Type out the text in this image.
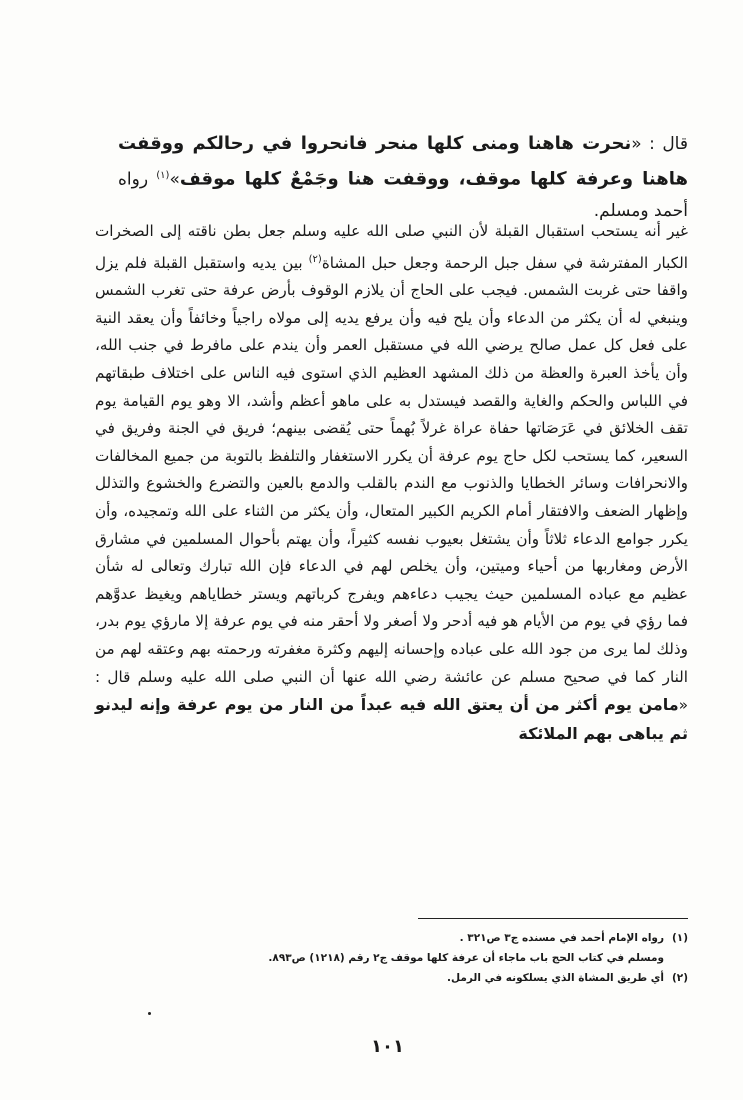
قال : «نحرت هاهنا ومنى كلها منحر فانحروا في رحالكم ووقفت هاهنا وعرفة كلها موقف، ووقفت هنا وجَمْعٌ كلها موقف»$^{(١)}$ رواه أحمد ومسلم.
غير أنه يستحب استقبال القبلة لأن النبي صلى الله عليه وسلم جعل بطن ناقته إلى الصخرات الكبار المفترشة في سفل جبل الرحمة وجعل حبل المشاة$^{(٢)}$ بين يديه واستقبل القبلة فلم يزل واقفا حتى غربت الشمس. فيجب على الحاج أن يلازم الوقوف بأرض عرفة حتى تغرب الشمس وينبغي له أن يكثر من الدعاء وأن يلح فيه وأن يرفع يديه إلى مولاه راجياً وخائفاً وأن يعقد النية على فعل كل عمل صالح يرضي الله في مستقبل العمر وأن يندم على مافرط في جنب الله، وأن يأخذ العبرة والعظة من ذلك المشهد العظيم الذي استوى فيه الناس على اختلاف طبقاتهم في اللباس والحكم والغاية والقصد فيستدل به على ماهو أعظم وأشد، الا وهو يوم القيامة يوم تقف الخلائق في عَرَصَاتها حفاة عراة غرلاً بُهماً حتى يُقضى بينهم؛ فريق في الجنة وفريق في السعير، كما يستحب لكل حاج يوم عرفة أن يكرر الاستغفار والتلفظ بالتوبة من جميع المخالفات والانحرافات وسائر الخطايا والذنوب مع الندم بالقلب والدمع بالعين والتضرع والخشوع والتذلل وإظهار الضعف والافتقار أمام الكريم الكبير المتعال، وأن يكثر من الثناء على الله وتمجيده، وأن يكرر جوامع الدعاء ثلاثاً وأن يشتغل بعيوب نفسه كثيراً، وأن يهتم بأحوال المسلمين في مشارق الأرض ومغاربها من أحياء وميتين، وأن يخلص لهم في الدعاء فإن الله تبارك وتعالى له شأن عظيم مع عباده المسلمين حيث يجيب دعاءهم ويفرج كرباتهم ويستر خطاياهم ويغيظ عدوَّهم فما رؤي في يوم من الأيام هو فيه أدحر ولا أصغر ولا أحقر منه في يوم عرفة إلا مارؤي يوم بدر، وذلك لما يرى من جود الله على عباده وإحسانه إليهم وكثرة مغفرته ورحمته بهم وعتقه لهم من النار كما في صحيح مسلم عن عائشة رضي الله عنها أن النبي صلى الله عليه وسلم قال : «مامن يوم أكثر من أن يعتق الله فيه عبداً من النار من يوم عرفة وإنه ليدنو ثم يباهى بهم الملائكة
(١)رواه الإمام أحمد في مسنده ج٣ ص٣٢١ .
ومسلم في كتاب الحج باب ماجاء أن عرفة كلها موقف ج٢ رقم (١٢١٨) ص٨٩٣.
(٢)أي طريق المشاة الذي يسلكونه في الرمل.
١٠١
